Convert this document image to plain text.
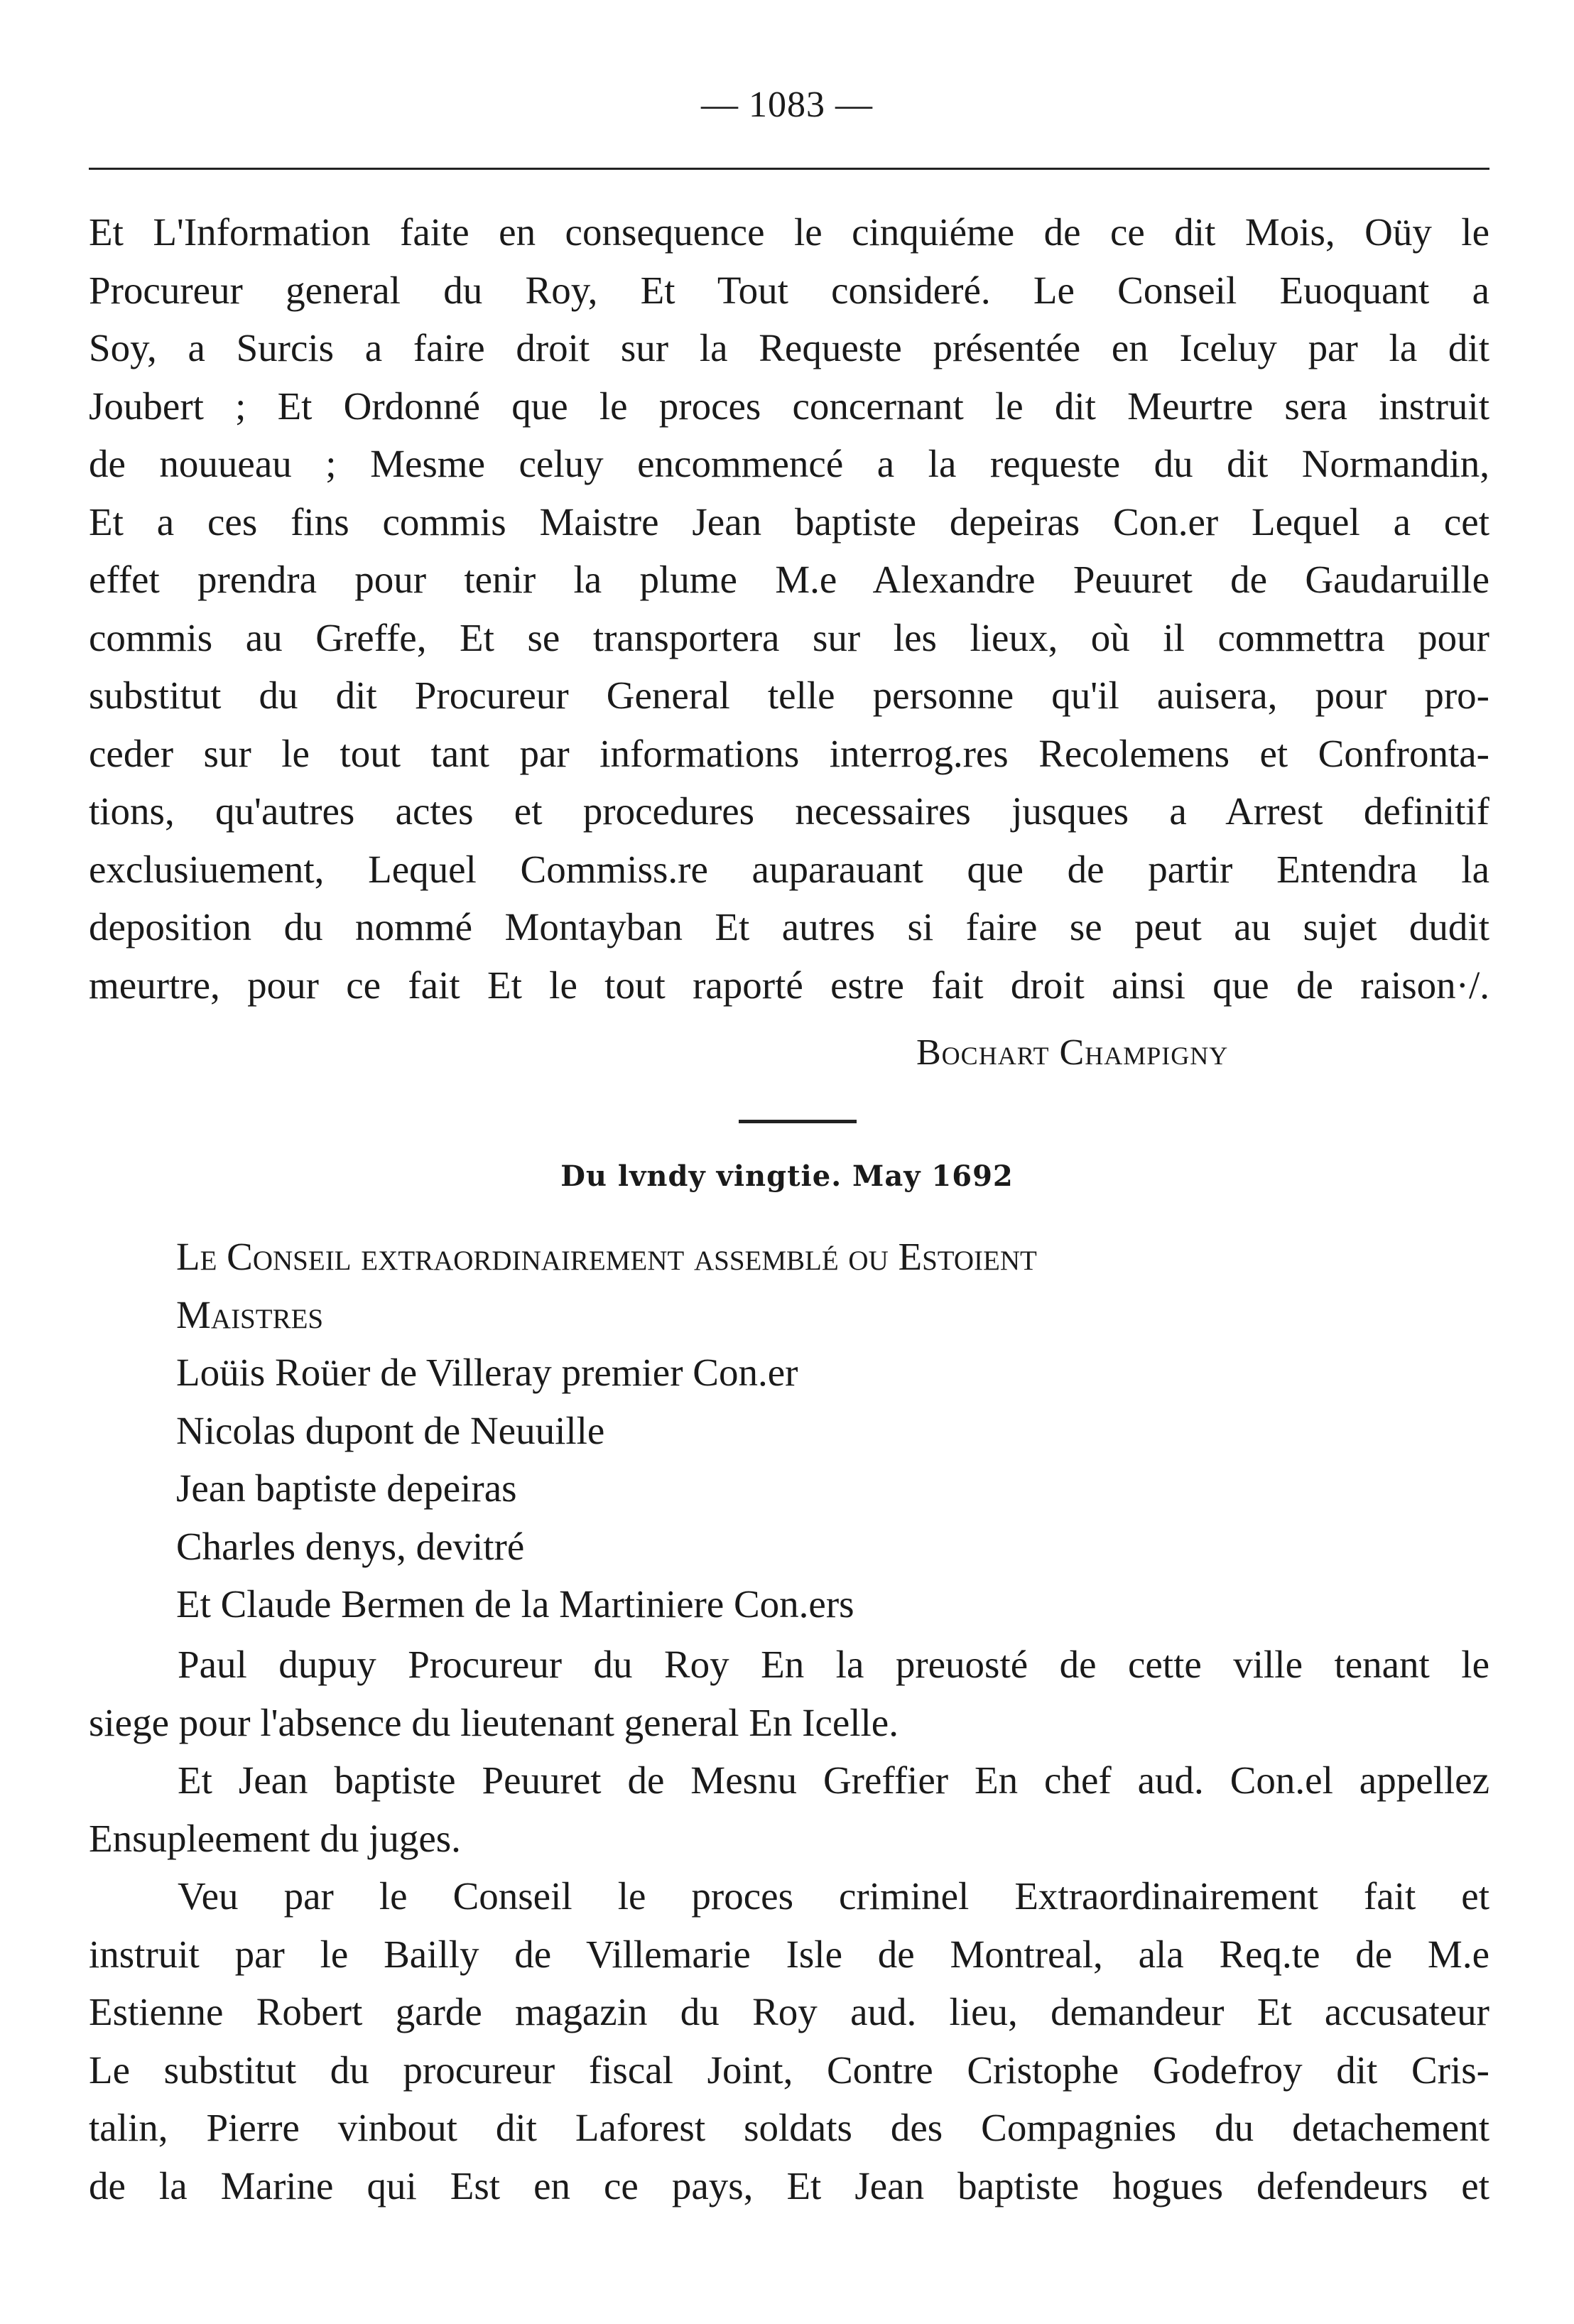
— 1083 —
Et L'Information faite en consequence le cinquiéme de ce dit Mois, Oüy le
Procureur general du Roy, Et Tout consideré. Le Conseil Euoquant a
Soy, a Surcis a faire droit sur la Requeste présentée en Iceluy par la dit
Joubert ; Et Ordonné que le proces concernant le dit Meurtre sera instruit
de nouueau ; Mesme celuy encommencé a la requeste du dit Normandin,
Et a ces fins commis Maistre Jean baptiste depeiras Con.er Lequel a cet
effet prendra pour tenir la plume M.e Alexandre Peuuret de Gaudaruille
commis au Greffe, Et se transportera sur les lieux, où il commettra pour
substitut du dit Procureur General telle personne qu'il auisera, pour pro-
ceder sur le tout tant par informations interrog.res Recolemens et Confronta-
tions, qu'autres actes et procedures necessaires jusques a Arrest definitif
exclusiuement, Lequel Commiss.re auparauant que de partir Entendra la
deposition du nommé Montayban Et autres si faire se peut au sujet dudit
meurtre, pour ce fait Et le tout raporté estre fait droit ainsi que de raison·/.
Bochart Champigny
Du lvndy vingtie. May 1692
Le Conseil extraordinairement assemblé ou Estoient
Maistres
Loüis Roüer de Villeray premier Con.er
Nicolas dupont de Neuuille
Jean baptiste depeiras
Charles denys, devitré
Et Claude Bermen de la Martiniere Con.ers
Paul dupuy Procureur du Roy En la preuosté de cette ville tenant le
siege pour l'absence du lieutenant general En Icelle.
Et Jean baptiste Peuuret de Mesnu Greffier En chef aud. Con.el appellez
Ensupleement du juges.
Veu par le Conseil le proces criminel Extraordinairement fait et
instruit par le Bailly de Villemarie Isle de Montreal, ala Req.te de M.e
Estienne Robert garde magazin du Roy aud. lieu, demandeur Et accusateur
Le substitut du procureur fiscal Joint, Contre Cristophe Godefroy dit Cris-
talin, Pierre vinbout dit Laforest soldats des Compagnies du detachement
de la Marine qui Est en ce pays, Et Jean baptiste hogues defendeurs et
